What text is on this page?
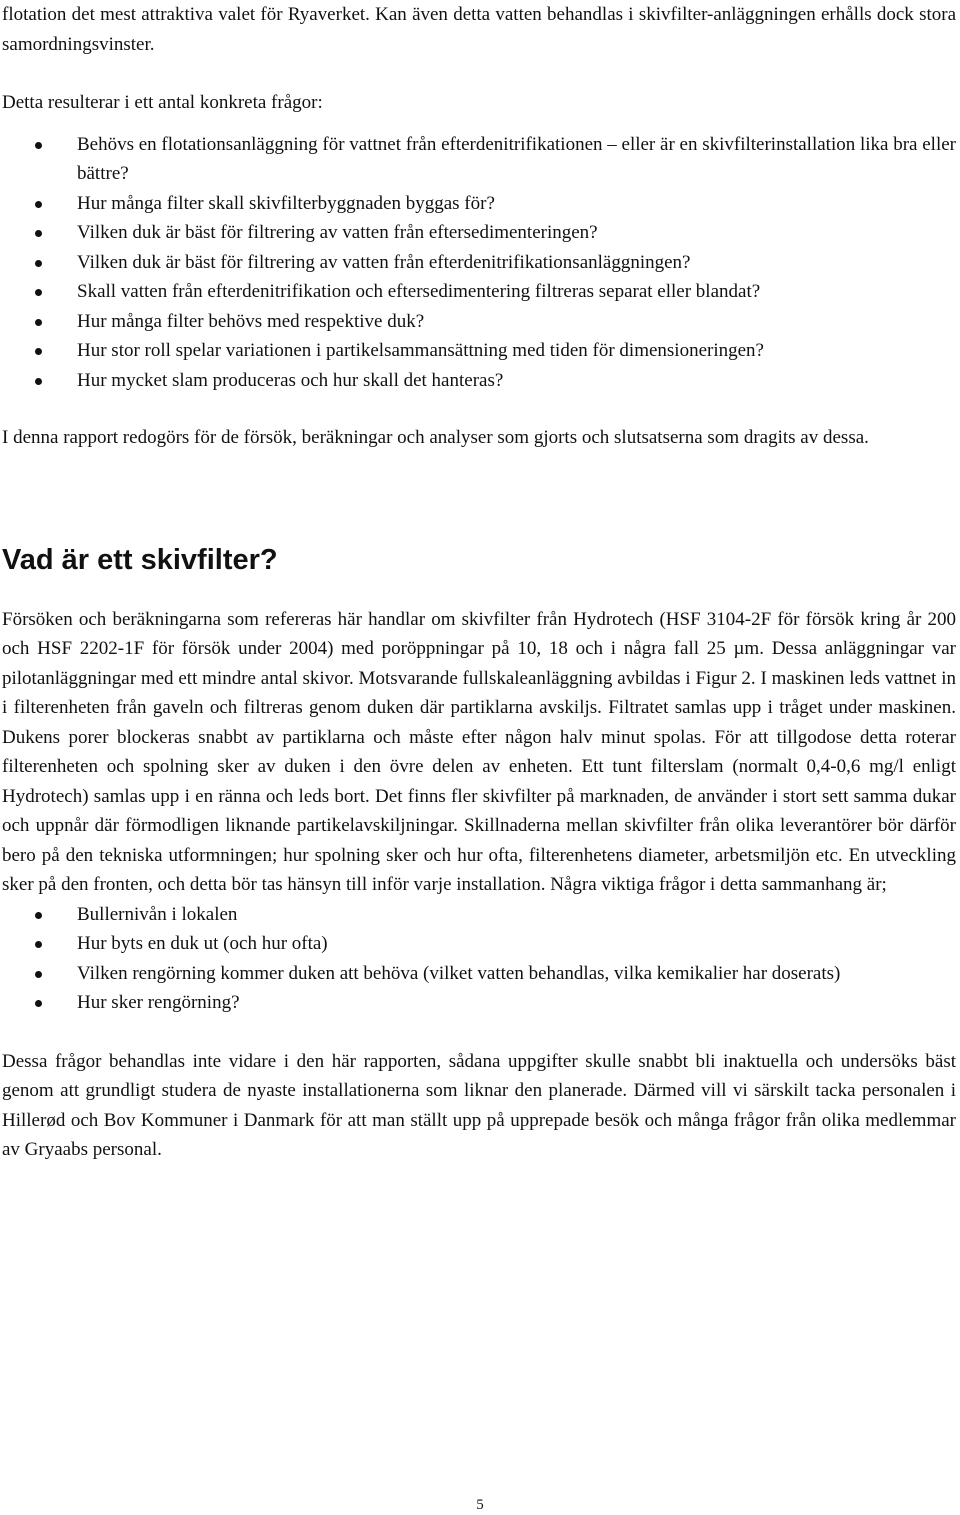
flotation det mest attraktiva valet för Ryaverket. Kan även detta vatten behandlas i skivfilter-anläggningen erhålls dock stora samordningsvinster.

Detta resulterar i ett antal konkreta frågor:

Behövs en flotationsanläggning för vattnet från efterdenitrifikationen – eller är en skivfilterinstallation lika bra eller bättre?
Hur många filter skall skivfilterbyggnaden byggas för?
Vilken duk är bäst för filtrering av vatten från eftersedimenteringen?
Vilken duk är bäst för filtrering av vatten från efterdenitrifikationsanläggningen?
Skall vatten från efterdenitrifikation och eftersedimentering filtreras separat eller blandat?
Hur många filter behövs med respektive duk?
Hur stor roll spelar variationen i partikelsammansättning med tiden för dimensioneringen?
Hur mycket slam produceras och hur skall det hanteras?

I denna rapport redogörs för de försök, beräkningar och analyser som gjorts och slutsatserna som dragits av dessa.

Vad är ett skivfilter?

Försöken och beräkningarna som refereras här handlar om skivfilter från Hydrotech (HSF 3104-2F för försök kring år 200 och HSF 2202-1F för försök under 2004) med poröppningar på 10, 18 och i några fall 25 µm. Dessa anläggningar var pilotanläggningar med ett mindre antal skivor. Motsvarande fullskaleanläggning avbildas i Figur 2. I maskinen leds vattnet in i filterenheten från gaveln och filtreras genom duken där partiklarna avskiljs. Filtratet samlas upp i tråget under maskinen. Dukens porer blockeras snabbt av partiklarna och måste efter någon halv minut spolas. För att tillgodose detta roterar filterenheten och spolning sker av duken i den övre delen av enheten. Ett tunt filterslam (normalt 0,4-0,6 mg/l enligt Hydrotech) samlas upp i en ränna och leds bort. Det finns fler skivfilter på marknaden, de använder i stort sett samma dukar och uppnår där förmodligen liknande partikelavskiljningar. Skillnaderna mellan skivfilter från olika leverantörer bör därför bero på den tekniska utformningen; hur spolning sker och hur ofta, filterenhetens diameter, arbetsmiljön etc. En utveckling sker på den fronten, och detta bör tas hänsyn till inför varje installation. Några viktiga frågor i detta sammanhang är;

Bullernivån i lokalen
Hur byts en duk ut (och hur ofta)
Vilken rengörning kommer duken att behöva (vilket vatten behandlas, vilka kemikalier har doserats)
Hur sker rengörning?

Dessa frågor behandlas inte vidare i den här rapporten, sådana uppgifter skulle snabbt bli inaktuella och undersöks bäst genom att grundligt studera de nyaste installationerna som liknar den planerade. Därmed vill vi särskilt tacka personalen i Hillerød och Bov Kommuner i Danmark för att man ställt upp på upprepade besök och många frågor från olika medlemmar av Gryaabs personal.

5
